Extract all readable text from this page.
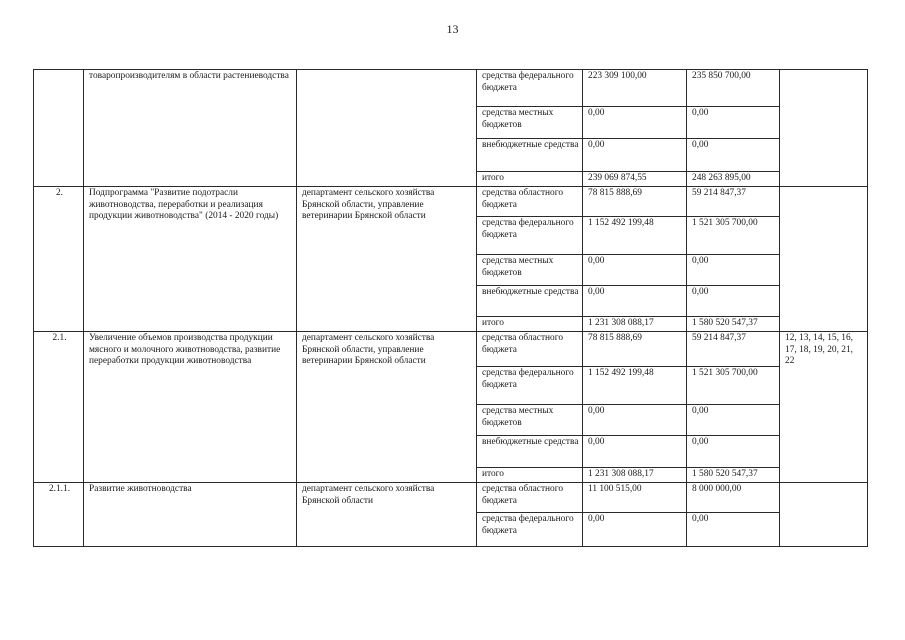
13
	товаропроизводителям в области растениеводства		средства федерального бюджета	223 309 100,00	235 850 700,00	
			средства местных бюджетов	0,00	0,00	
			внебюджетные средства	0,00	0,00	
			итого	239 069 874,55	248 263 895,00	
2.	Подпрограмма "Развитие подотрасли животноводства, переработки и реализация продукции животноводства" (2014 - 2020 годы)	департамент сельского хозяйства Брянской области, управление ветеринарии Брянской области	средства областного бюджета	78 815 888,69	59 214 847,37	
			средства федерального бюджета	1 152 492 199,48	1 521 305 700,00	
			средства местных бюджетов	0,00	0,00	
			внебюджетные средства	0,00	0,00	
			итого	1 231 308 088,17	1 580 520 547,37	
2.1.	Увеличение объемов производства продукции мясного и молочного животноводства, развитие переработки продукции животноводства	департамент сельского хозяйства Брянской области, управление ветеринарии Брянской области	средства областного бюджета	78 815 888,69	59 214 847,37	12, 13, 14, 15, 16, 17, 18, 19, 20, 21, 22
			средства федерального бюджета	1 152 492 199,48	1 521 305 700,00	
			средства местных бюджетов	0,00	0,00	
			внебюджетные средства	0,00	0,00	
			итого	1 231 308 088,17	1 580 520 547,37	
2.1.1.	Развитие животноводства	департамент сельского хозяйства Брянской области	средства областного бюджета	11 100 515,00	8 000 000,00	
			средства федерального бюджета	0,00	0,00	
